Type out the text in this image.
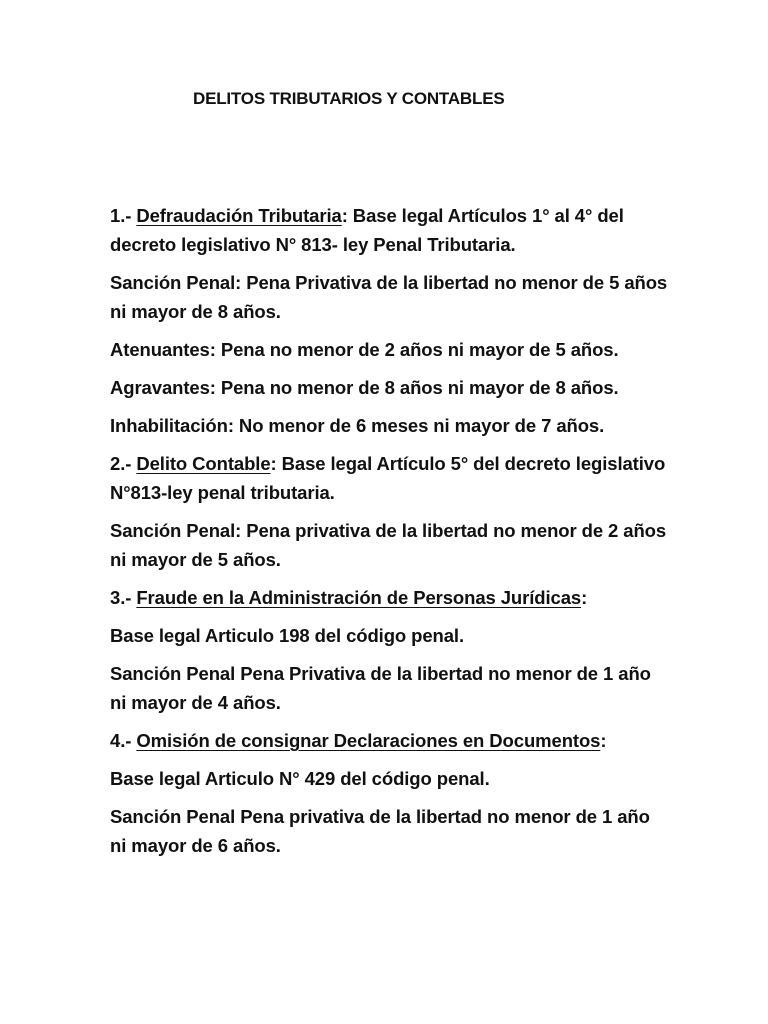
DELITOS TRIBUTARIOS Y CONTABLES

1.- Defraudación Tributaria: Base legal Artículos 1° al 4° del decreto legislativo N° 813- ley Penal Tributaria.

Sanción Penal: Pena Privativa de la libertad no menor de 5 años ni mayor de 8 años.

Atenuantes: Pena no menor de 2 años ni mayor de 5 años.

Agravantes: Pena no menor de 8 años ni mayor de 8 años.

Inhabilitación: No menor de 6 meses ni mayor de 7 años.

2.- Delito Contable: Base legal Artículo 5° del decreto legislativo N°813-ley penal tributaria.

Sanción Penal: Pena privativa de la libertad no menor de 2 años ni mayor de 5 años.

3.- Fraude en la Administración de Personas Jurídicas:

Base legal Articulo 198 del código penal.

Sanción Penal Pena Privativa de la libertad no menor de 1 año ni mayor de 4 años.

4.- Omisión de consignar Declaraciones en Documentos:

Base legal Articulo N° 429 del código penal.

Sanción Penal Pena privativa de la libertad no menor de 1 año ni mayor de 6 años.
